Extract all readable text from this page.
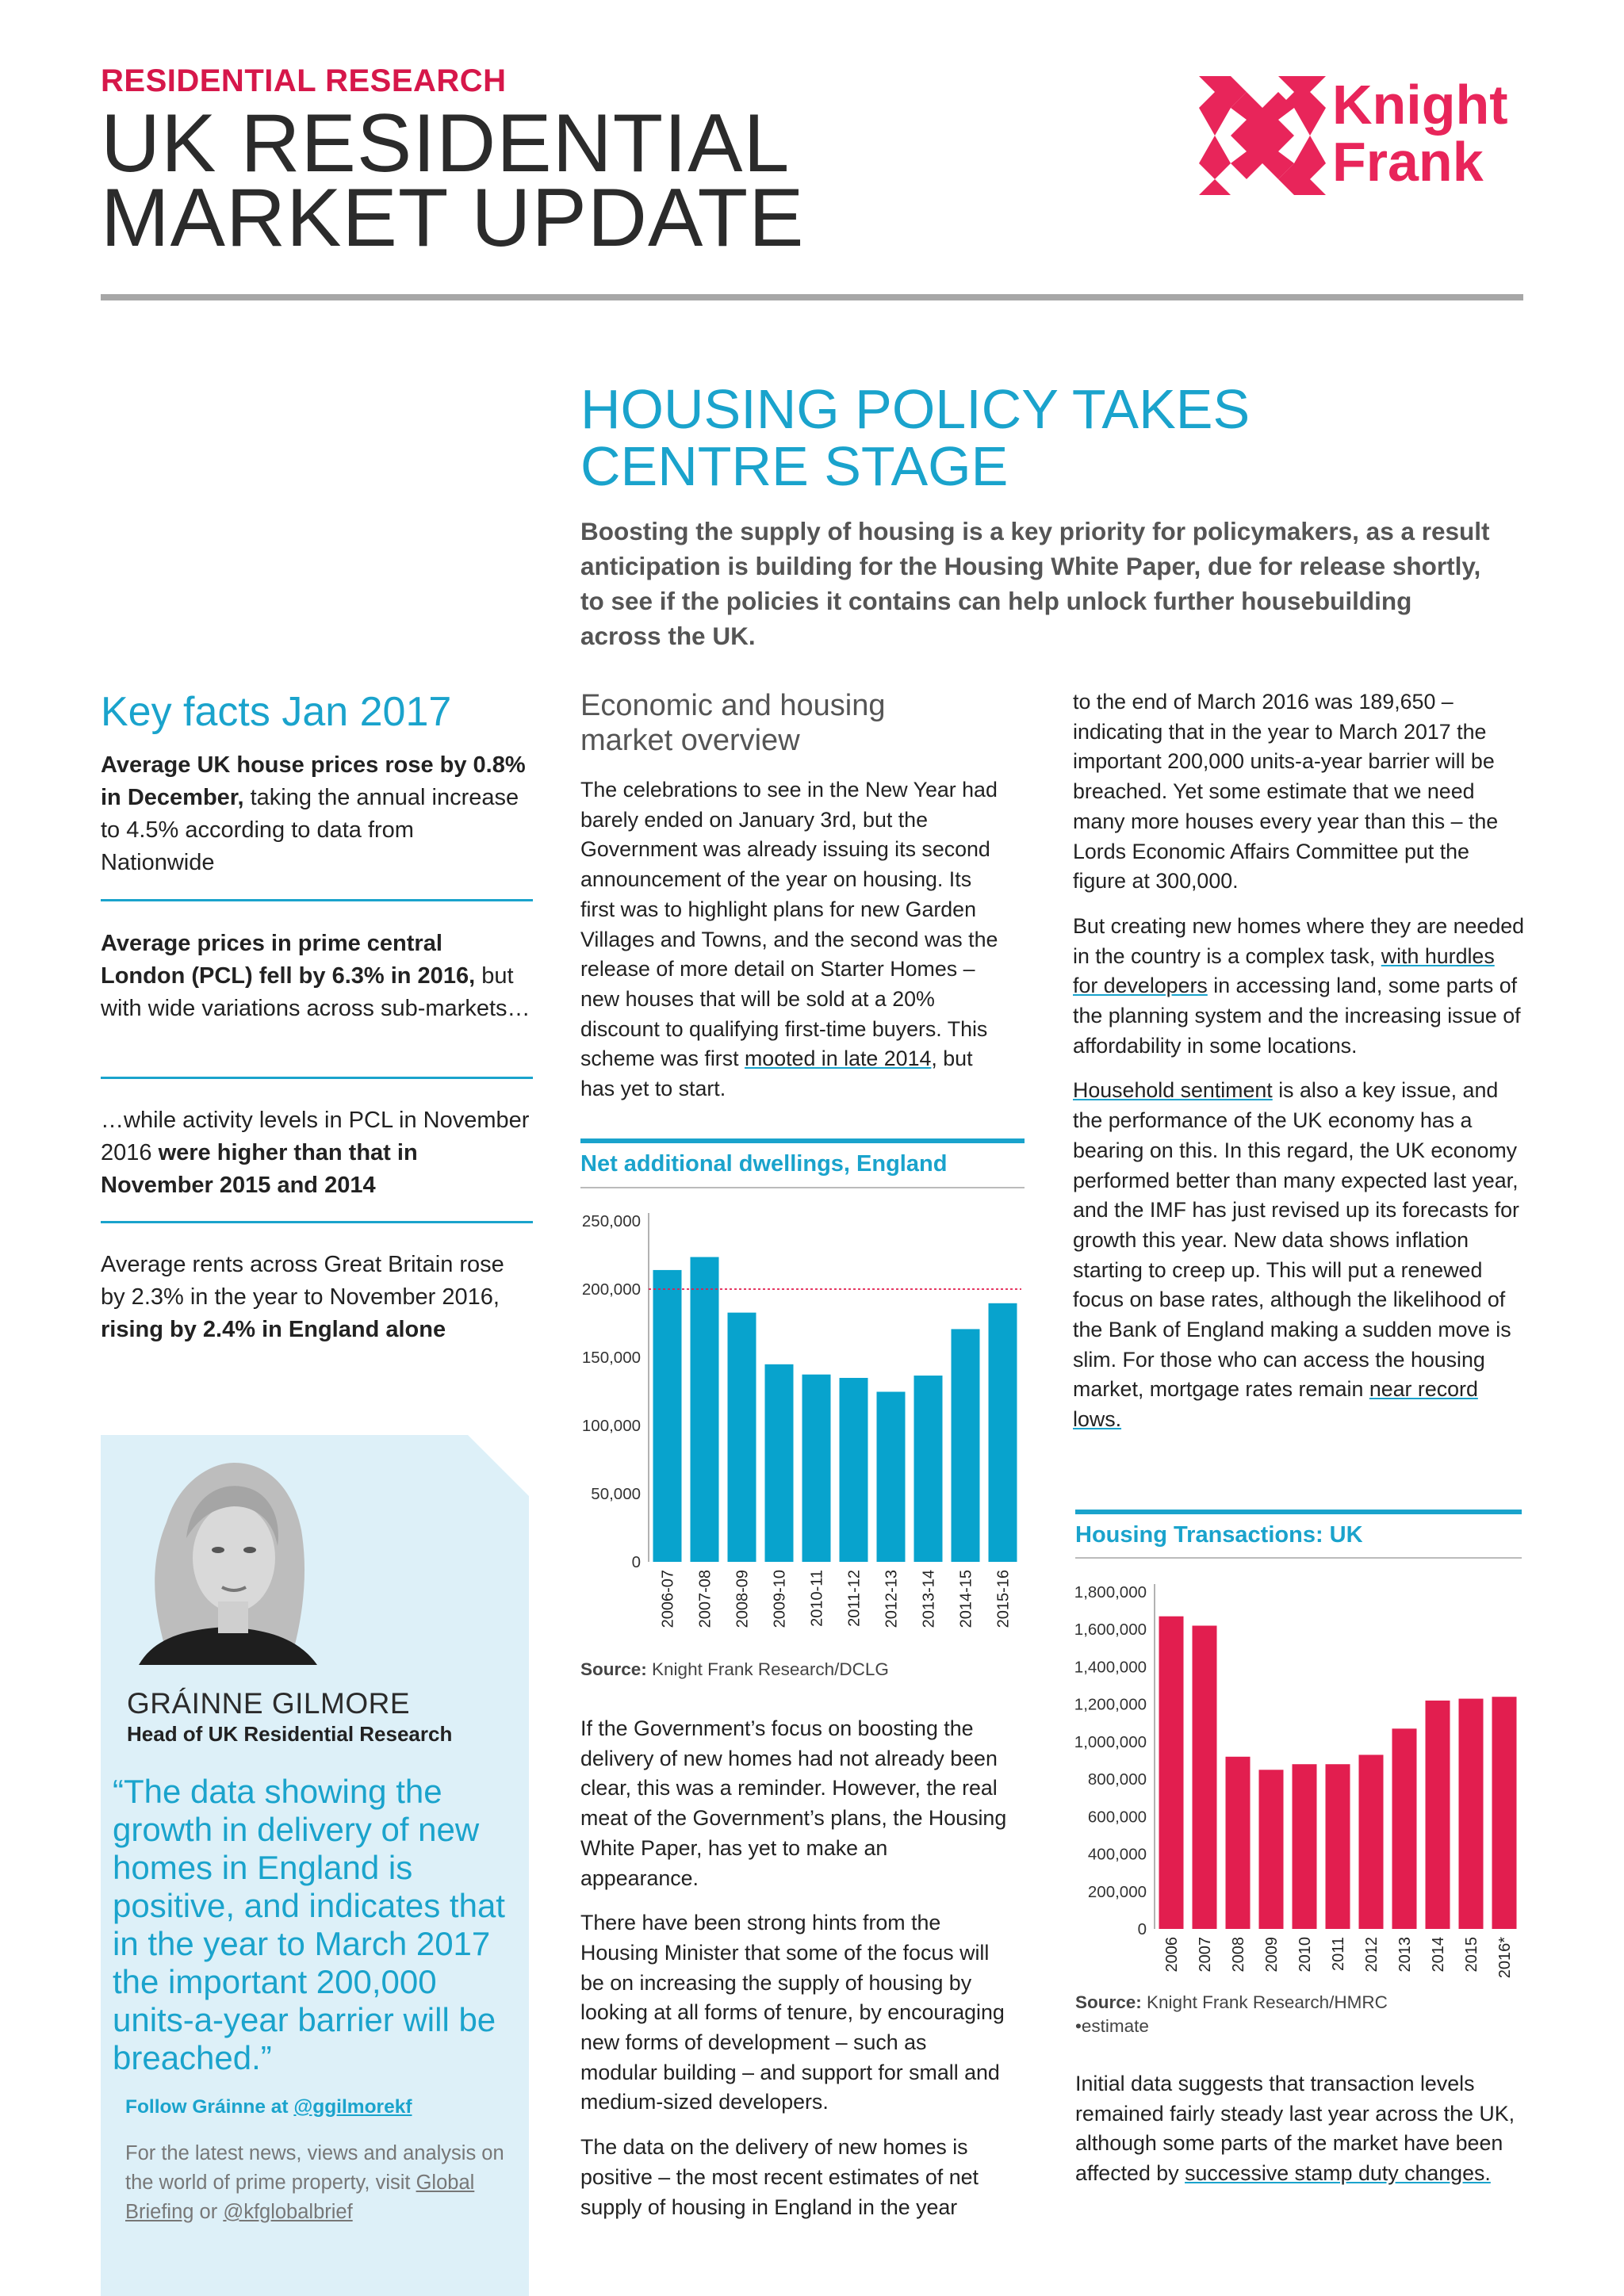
RESIDENTIAL RESEARCH
UK RESIDENTIAL
MARKET UPDATE
Knight
Frank
HOUSING POLICY TAKES
CENTRE STAGE
Boosting the supply of housing is a key priority for policymakers, as a result anticipation is building for the Housing White Paper, due for release shortly, to see if the policies it contains can help unlock further housebuilding across the UK.
Key facts Jan 2017
Average UK house prices rose by 0.8% in December, taking the annual increase to 4.5% according to data from Nationwide
Average prices in prime central London (PCL) fell by 6.3% in 2016, but with wide variations across sub-markets…
…while activity levels in PCL in November 2016 were higher than that in November 2015 and 2014
Average rents across Great Britain rose by 2.3% in the year to November 2016, rising by 2.4% in England alone
GRÁINNE GILMORE
Head of UK Residential Research
“The data showing the growth in delivery of new homes in England is positive, and indicates that in the year to March 2017 the important 200,000 units-a-year barrier will be breached.”
Follow Gráinne at @ggilmorekf
For the latest news, views and analysis on the world of prime property, visit Global Briefing or @kfglobalbrief
Economic and housing
market overview

The celebrations to see in the New Year had barely ended on January 3rd, but the Government was already issuing its second announcement of the year on housing. Its first was to highlight plans for new Garden Villages and Towns, and the second was the release of more detail on Starter Homes – new houses that will be sold at a 20% discount to qualifying first-time buyers. This scheme was first mooted in late 2014, but has yet to start.

Net additional dwellings, England
0
50,000
100,000
150,000
200,000
250,000
2006-07 2007-08 2008-09 2009-10 2010-11 2011-12 2012-13 2013-14 2014-15 2015-16
Source: Knight Frank Research/DCLG

If the Government’s focus on boosting the delivery of new homes had not already been clear, this was a reminder. However, the real meat of the Government’s plans, the Housing White Paper, has yet to make an appearance.

There have been strong hints from the Housing Minister that some of the focus will be on increasing the supply of housing by looking at all forms of tenure, by encouraging new forms of development – such as modular building – and support for small and medium-sized developers.

The data on the delivery of new homes is positive – the most recent estimates of net supply of housing in England in the year

to the end of March 2016 was 189,650 – indicating that in the year to March 2017 the important 200,000 units-a-year barrier will be breached. Yet some estimate that we need many more houses every year than this – the Lords Economic Affairs Committee put the figure at 300,000.

But creating new homes where they are needed in the country is a complex task, with hurdles for developers in accessing land, some parts of the planning system and the increasing issue of affordability in some locations.

Household sentiment is also a key issue, and the performance of the UK economy has a bearing on this. In this regard, the UK economy performed better than many expected last year, and the IMF has just revised up its forecasts for growth this year. New data shows inflation starting to creep up. This will put a renewed focus on base rates, although the likelihood of the Bank of England making a sudden move is slim. For those who can access the housing market, mortgage rates remain near record lows.

Housing Transactions: UK
0
200,000
400,000
600,000
800,000
1,000,000
1,200,000
1,400,000
1,600,000
1,800,000
2006 2007 2008 2009 2010 2011 2012 2013 2014 2015 2016*
Source: Knight Frank Research/HMRC
•estimate

Initial data suggests that transaction levels remained fairly steady last year across the UK, although some parts of the market have been affected by successive stamp duty changes.
